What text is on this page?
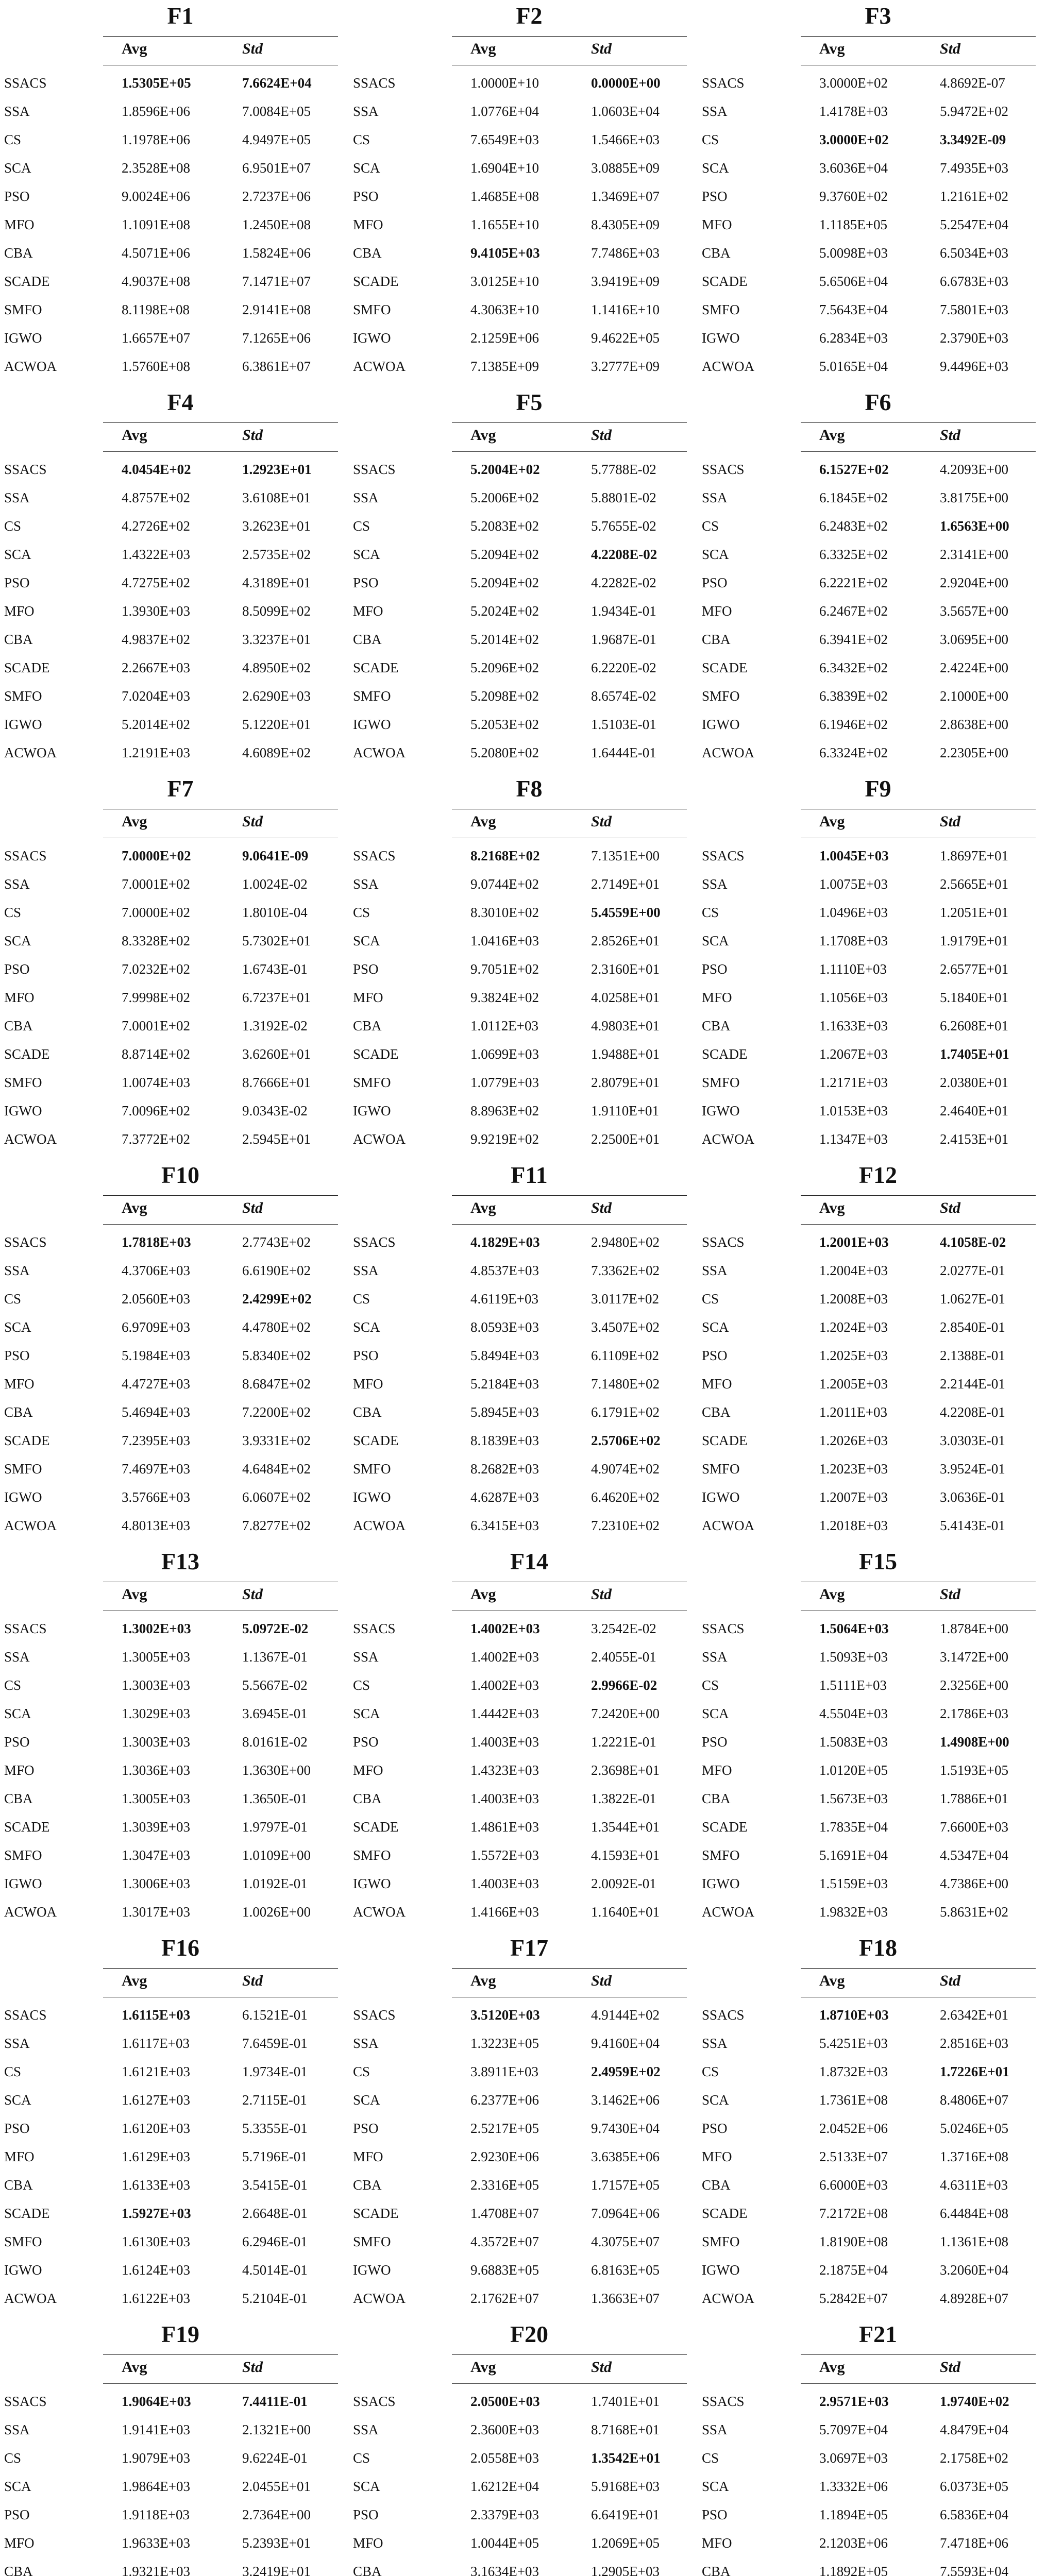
F1
Avg	Std
SSACS	1.5305E+05	7.6624E+04
SSA	1.8596E+06	7.0084E+05
CS	1.1978E+06	4.9497E+05
SCA	2.3528E+08	6.9501E+07
PSO	9.0024E+06	2.7237E+06
MFO	1.1091E+08	1.2450E+08
CBA	4.5071E+06	1.5824E+06
SCADE	4.9037E+08	7.1471E+07
SMFO	8.1198E+08	2.9141E+08
IGWO	1.6657E+07	7.1265E+06
ACWOA	1.5760E+08	6.3861E+07
F2
Avg	Std
SSACS	1.0000E+10	0.0000E+00
SSA	1.0776E+04	1.0603E+04
CS	7.6549E+03	1.5466E+03
SCA	1.6904E+10	3.0885E+09
PSO	1.4685E+08	1.3469E+07
MFO	1.1655E+10	8.4305E+09
CBA	9.4105E+03	7.7486E+03
SCADE	3.0125E+10	3.9419E+09
SMFO	4.3063E+10	1.1416E+10
IGWO	2.1259E+06	9.4622E+05
ACWOA	7.1385E+09	3.2777E+09
F3
Avg	Std
SSACS	3.0000E+02	4.8692E-07
SSA	1.4178E+03	5.9472E+02
CS	3.0000E+02	3.3492E-09
SCA	3.6036E+04	7.4935E+03
PSO	9.3760E+02	1.2161E+02
MFO	1.1185E+05	5.2547E+04
CBA	5.0098E+03	6.5034E+03
SCADE	5.6506E+04	6.6783E+03
SMFO	7.5643E+04	7.5801E+03
IGWO	6.2834E+03	2.3790E+03
ACWOA	5.0165E+04	9.4496E+03
F4
Avg	Std
SSACS	4.0454E+02	1.2923E+01
SSA	4.8757E+02	3.6108E+01
CS	4.2726E+02	3.2623E+01
SCA	1.4322E+03	2.5735E+02
PSO	4.7275E+02	4.3189E+01
MFO	1.3930E+03	8.5099E+02
CBA	4.9837E+02	3.3237E+01
SCADE	2.2667E+03	4.8950E+02
SMFO	7.0204E+03	2.6290E+03
IGWO	5.2014E+02	5.1220E+01
ACWOA	1.2191E+03	4.6089E+02
F5
Avg	Std
SSACS	5.2004E+02	5.7788E-02
SSA	5.2006E+02	5.8801E-02
CS	5.2083E+02	5.7655E-02
SCA	5.2094E+02	4.2208E-02
PSO	5.2094E+02	4.2282E-02
MFO	5.2024E+02	1.9434E-01
CBA	5.2014E+02	1.9687E-01
SCADE	5.2096E+02	6.2220E-02
SMFO	5.2098E+02	8.6574E-02
IGWO	5.2053E+02	1.5103E-01
ACWOA	5.2080E+02	1.6444E-01
F6
Avg	Std
SSACS	6.1527E+02	4.2093E+00
SSA	6.1845E+02	3.8175E+00
CS	6.2483E+02	1.6563E+00
SCA	6.3325E+02	2.3141E+00
PSO	6.2221E+02	2.9204E+00
MFO	6.2467E+02	3.5657E+00
CBA	6.3941E+02	3.0695E+00
SCADE	6.3432E+02	2.4224E+00
SMFO	6.3839E+02	2.1000E+00
IGWO	6.1946E+02	2.8638E+00
ACWOA	6.3324E+02	2.2305E+00
F7
Avg	Std
SSACS	7.0000E+02	9.0641E-09
SSA	7.0001E+02	1.0024E-02
CS	7.0000E+02	1.8010E-04
SCA	8.3328E+02	5.7302E+01
PSO	7.0232E+02	1.6743E-01
MFO	7.9998E+02	6.7237E+01
CBA	7.0001E+02	1.3192E-02
SCADE	8.8714E+02	3.6260E+01
SMFO	1.0074E+03	8.7666E+01
IGWO	7.0096E+02	9.0343E-02
ACWOA	7.3772E+02	2.5945E+01
F8
Avg	Std
SSACS	8.2168E+02	7.1351E+00
SSA	9.0744E+02	2.7149E+01
CS	8.3010E+02	5.4559E+00
SCA	1.0416E+03	2.8526E+01
PSO	9.7051E+02	2.3160E+01
MFO	9.3824E+02	4.0258E+01
CBA	1.0112E+03	4.9803E+01
SCADE	1.0699E+03	1.9488E+01
SMFO	1.0779E+03	2.8079E+01
IGWO	8.8963E+02	1.9110E+01
ACWOA	9.9219E+02	2.2500E+01
F9
Avg	Std
SSACS	1.0045E+03	1.8697E+01
SSA	1.0075E+03	2.5665E+01
CS	1.0496E+03	1.2051E+01
SCA	1.1708E+03	1.9179E+01
PSO	1.1110E+03	2.6577E+01
MFO	1.1056E+03	5.1840E+01
CBA	1.1633E+03	6.2608E+01
SCADE	1.2067E+03	1.7405E+01
SMFO	1.2171E+03	2.0380E+01
IGWO	1.0153E+03	2.4640E+01
ACWOA	1.1347E+03	2.4153E+01
F10
Avg	Std
SSACS	1.7818E+03	2.7743E+02
SSA	4.3706E+03	6.6190E+02
CS	2.0560E+03	2.4299E+02
SCA	6.9709E+03	4.4780E+02
PSO	5.1984E+03	5.8340E+02
MFO	4.4727E+03	8.6847E+02
CBA	5.4694E+03	7.2200E+02
SCADE	7.2395E+03	3.9331E+02
SMFO	7.4697E+03	4.6484E+02
IGWO	3.5766E+03	6.0607E+02
ACWOA	4.8013E+03	7.8277E+02
F11
Avg	Std
SSACS	4.1829E+03	2.9480E+02
SSA	4.8537E+03	7.3362E+02
CS	4.6119E+03	3.0117E+02
SCA	8.0593E+03	3.4507E+02
PSO	5.8494E+03	6.1109E+02
MFO	5.2184E+03	7.1480E+02
CBA	5.8945E+03	6.1791E+02
SCADE	8.1839E+03	2.5706E+02
SMFO	8.2682E+03	4.9074E+02
IGWO	4.6287E+03	6.4620E+02
ACWOA	6.3415E+03	7.2310E+02
F12
Avg	Std
SSACS	1.2001E+03	4.1058E-02
SSA	1.2004E+03	2.0277E-01
CS	1.2008E+03	1.0627E-01
SCA	1.2024E+03	2.8540E-01
PSO	1.2025E+03	2.1388E-01
MFO	1.2005E+03	2.2144E-01
CBA	1.2011E+03	4.2208E-01
SCADE	1.2026E+03	3.0303E-01
SMFO	1.2023E+03	3.9524E-01
IGWO	1.2007E+03	3.0636E-01
ACWOA	1.2018E+03	5.4143E-01
F13
Avg	Std
SSACS	1.3002E+03	5.0972E-02
SSA	1.3005E+03	1.1367E-01
CS	1.3003E+03	5.5667E-02
SCA	1.3029E+03	3.6945E-01
PSO	1.3003E+03	8.0161E-02
MFO	1.3036E+03	1.3630E+00
CBA	1.3005E+03	1.3650E-01
SCADE	1.3039E+03	1.9797E-01
SMFO	1.3047E+03	1.0109E+00
IGWO	1.3006E+03	1.0192E-01
ACWOA	1.3017E+03	1.0026E+00
F14
Avg	Std
SSACS	1.4002E+03	3.2542E-02
SSA	1.4002E+03	2.4055E-01
CS	1.4002E+03	2.9966E-02
SCA	1.4442E+03	7.2420E+00
PSO	1.4003E+03	1.2221E-01
MFO	1.4323E+03	2.3698E+01
CBA	1.4003E+03	1.3822E-01
SCADE	1.4861E+03	1.3544E+01
SMFO	1.5572E+03	4.1593E+01
IGWO	1.4003E+03	2.0092E-01
ACWOA	1.4166E+03	1.1640E+01
F15
Avg	Std
SSACS	1.5064E+03	1.8784E+00
SSA	1.5093E+03	3.1472E+00
CS	1.5111E+03	2.3256E+00
SCA	4.5504E+03	2.1786E+03
PSO	1.5083E+03	1.4908E+00
MFO	1.0120E+05	1.5193E+05
CBA	1.5673E+03	1.7886E+01
SCADE	1.7835E+04	7.6600E+03
SMFO	5.1691E+04	4.5347E+04
IGWO	1.5159E+03	4.7386E+00
ACWOA	1.9832E+03	5.8631E+02
F16
Avg	Std
SSACS	1.6115E+03	6.1521E-01
SSA	1.6117E+03	7.6459E-01
CS	1.6121E+03	1.9734E-01
SCA	1.6127E+03	2.7115E-01
PSO	1.6120E+03	5.3355E-01
MFO	1.6129E+03	5.7196E-01
CBA	1.6133E+03	3.5415E-01
SCADE	1.5927E+03	2.6648E-01
SMFO	1.6130E+03	6.2946E-01
IGWO	1.6124E+03	4.5014E-01
ACWOA	1.6122E+03	5.2104E-01
F17
Avg	Std
SSACS	3.5120E+03	4.9144E+02
SSA	1.3223E+05	9.4160E+04
CS	3.8911E+03	2.4959E+02
SCA	6.2377E+06	3.1462E+06
PSO	2.5217E+05	9.7430E+04
MFO	2.9230E+06	3.6385E+06
CBA	2.3316E+05	1.7157E+05
SCADE	1.4708E+07	7.0964E+06
SMFO	4.3572E+07	4.3075E+07
IGWO	9.6883E+05	6.8163E+05
ACWOA	2.1762E+07	1.3663E+07
F18
Avg	Std
SSACS	1.8710E+03	2.6342E+01
SSA	5.4251E+03	2.8516E+03
CS	1.8732E+03	1.7226E+01
SCA	1.7361E+08	8.4806E+07
PSO	2.0452E+06	5.0246E+05
MFO	2.5133E+07	1.3716E+08
CBA	6.6000E+03	4.6311E+03
SCADE	7.2172E+08	6.4484E+08
SMFO	1.8190E+08	1.1361E+08
IGWO	2.1875E+04	3.2060E+04
ACWOA	5.2842E+07	4.8928E+07
F19
Avg	Std
SSACS	1.9064E+03	7.4411E-01
SSA	1.9141E+03	2.1321E+00
CS	1.9079E+03	9.6224E-01
SCA	1.9864E+03	2.0455E+01
PSO	1.9118E+03	2.7364E+00
MFO	1.9633E+03	5.2393E+01
CBA	1.9321E+03	3.2419E+01
F20
Avg	Std
SSACS	2.0500E+03	1.7401E+01
SSA	2.3600E+03	8.7168E+01
CS	2.0558E+03	1.3542E+01
SCA	1.6212E+04	5.9168E+03
PSO	2.3379E+03	6.6419E+01
MFO	1.0044E+05	1.2069E+05
CBA	3.1634E+03	1.2905E+03
F21
Avg	Std
SSACS	2.9571E+03	1.9740E+02
SSA	5.7097E+04	4.8479E+04
CS	3.0697E+03	2.1758E+02
SCA	1.3332E+06	6.0373E+05
PSO	1.1894E+05	6.5836E+04
MFO	2.1203E+06	7.4718E+06
CBA	1.1892E+05	7.5593E+04
